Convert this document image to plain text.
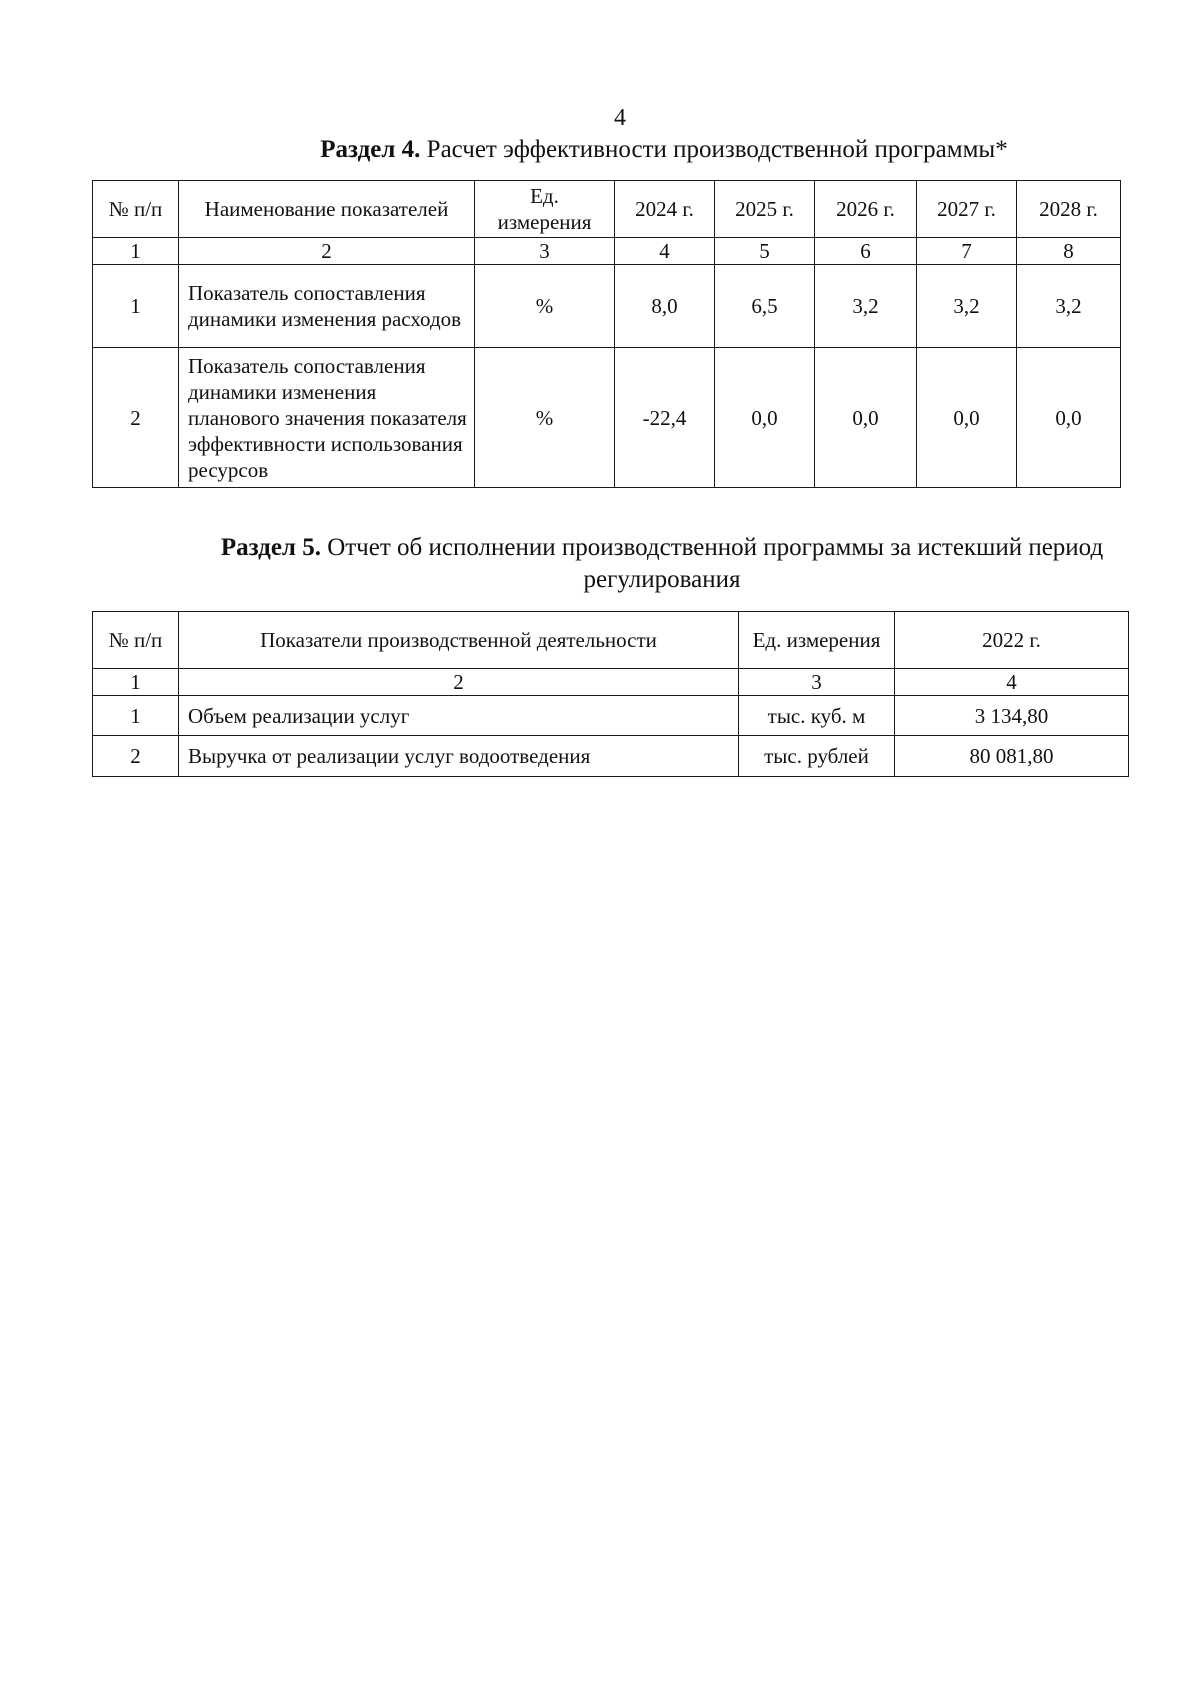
4
Раздел 4. Расчет эффективности производственной программы*
№ п/п	Наименование показателей	Ед. измерения	2024 г.	2025 г.	2026 г.	2027 г.	2028 г.
1	2	3	4	5	6	7	8
1	Показатель сопоставления динамики изменения расходов	%	8,0	6,5	3,2	3,2	3,2
2	Показатель сопоставления динамики изменения планового значения показателя эффективности использования ресурсов	%	-22,4	0,0	0,0	0,0	0,0
Раздел 5. Отчет об исполнении производственной программы за истекший период регулирования
№ п/п	Показатели производственной деятельности	Ед. измерения	2022 г.
1	2	3	4
1	Объем реализации услуг	тыс. куб. м	3 134,80
2	Выручка от реализации услуг водоотведения	тыс. рублей	80 081,80
